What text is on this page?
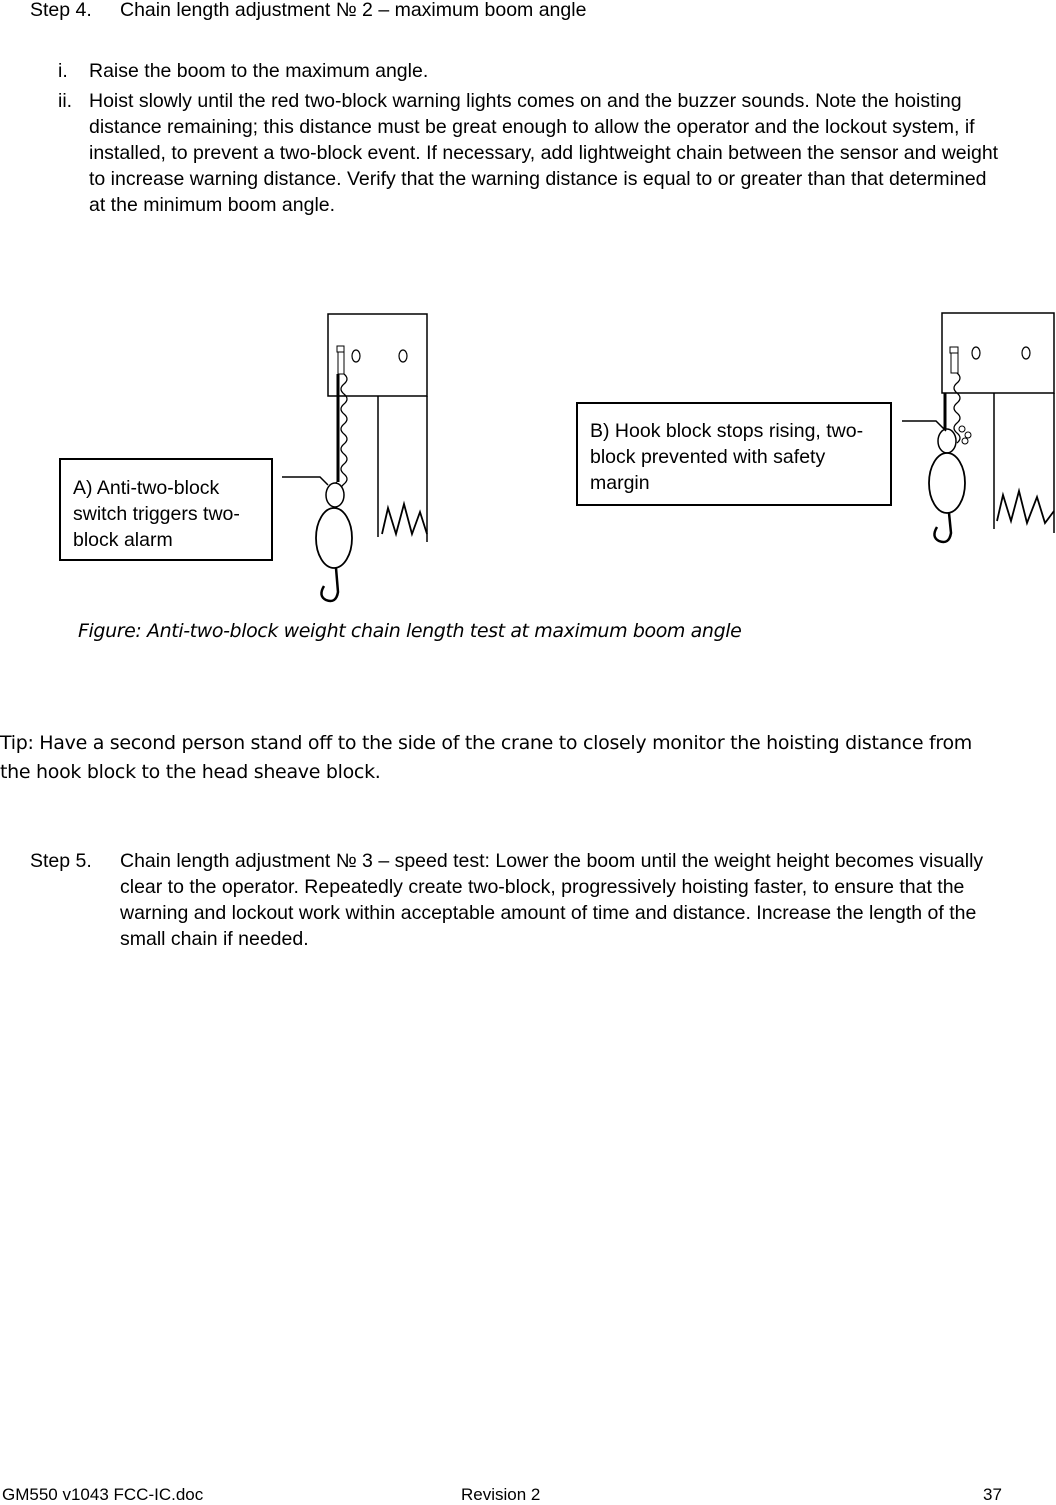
Step 4. Chain length adjustment № 2 – maximum boom angle
i.	Raise the boom to the maximum angle.
ii. Hoist slowly until the red two-block warning lights comes on and the buzzer sounds. Note the hoisting distance remaining; this distance must be great enough to allow the operator and the lockout system, if installed, to prevent a two-block event. If necessary, add lightweight chain between the sensor and weight to increase warning distance. Verify that the warning distance is equal to or greater than that determined at the minimum boom angle.
A) Anti-two-block switch triggers two-block alarm
B) Hook block stops rising, two-block prevented with safety margin
Figure: Anti-two-block weight chain length test at maximum boom angle
Tip: Have a second person stand off to the side of the crane to closely monitor the hoisting distance from the hook block to the head sheave block.
Step 5. Chain length adjustment № 3 – speed test: Lower the boom until the weight height becomes visually clear to the operator. Repeatedly create two-block, progressively hoisting faster, to ensure that the warning and lockout work within acceptable amount of time and distance. Increase the length of the small chain if needed.
GM550 v1043 FCC-IC.doc	Revision 2	37
